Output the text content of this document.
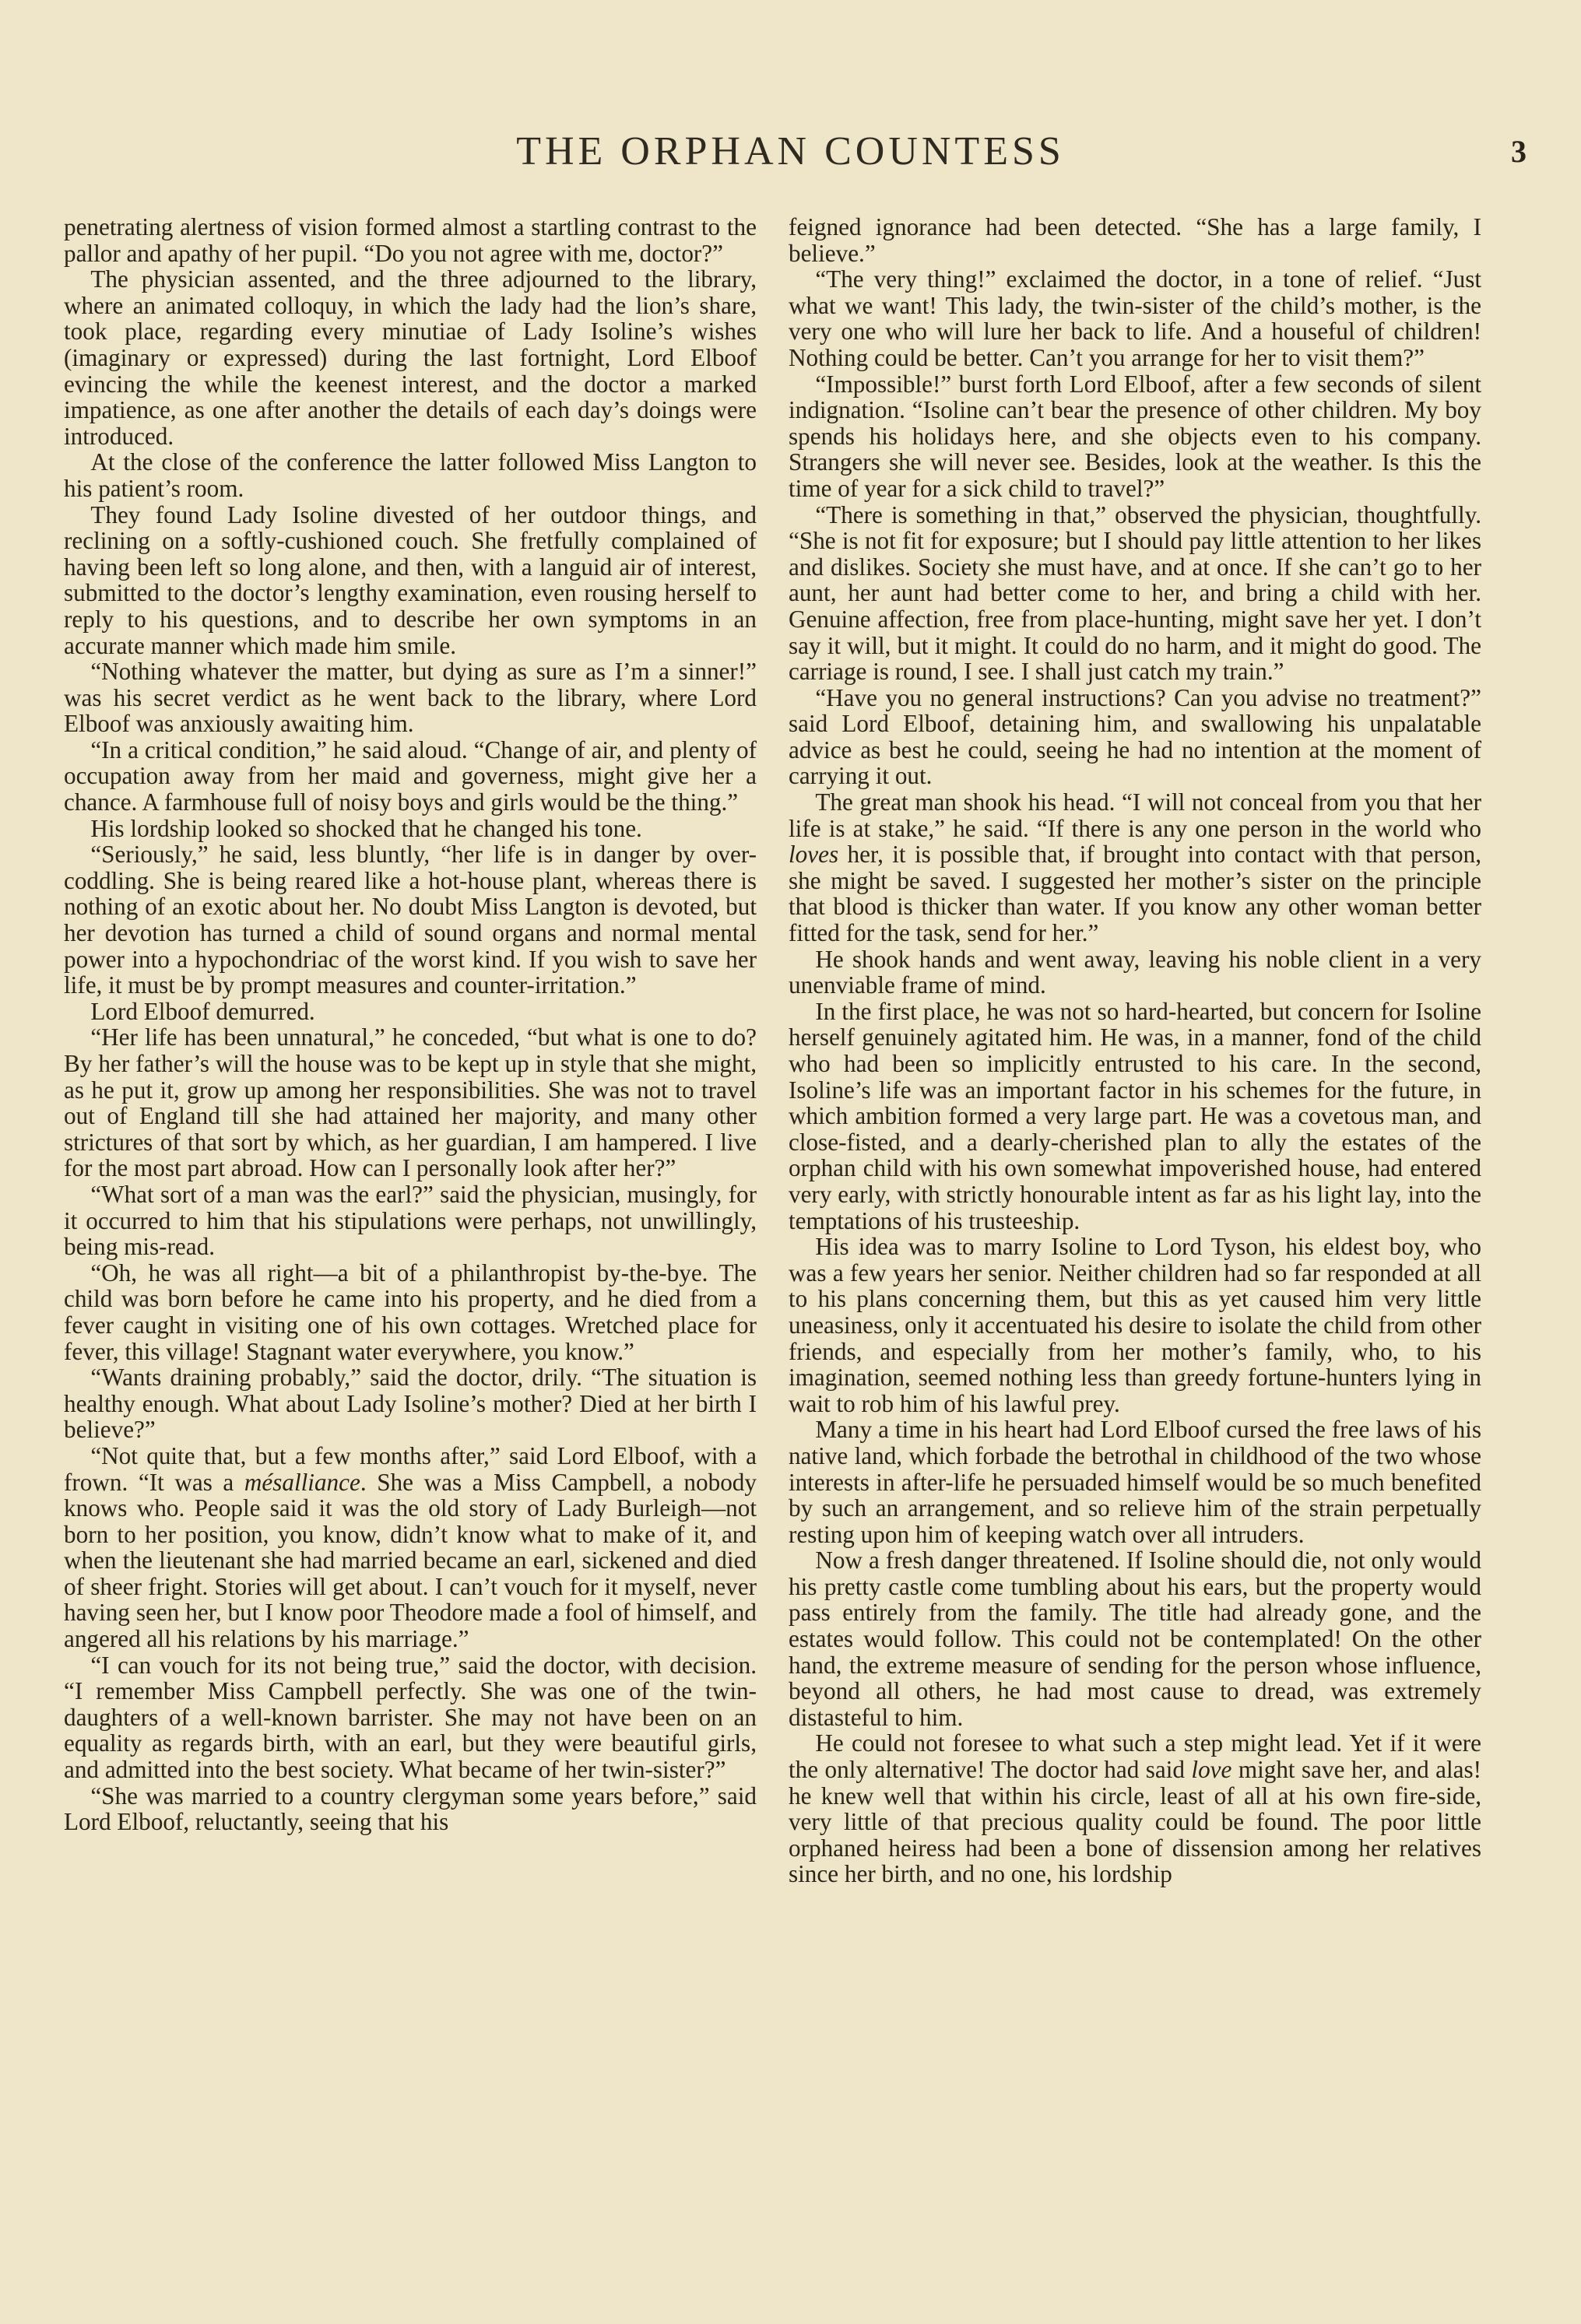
THE ORPHAN COUNTESS	3

penetrating alertness of vision formed almost a startling contrast to the pallor and apathy of her pupil. “Do you not agree with me, doctor?”

The physician assented, and the three adjourned to the library, where an animated colloquy, in which the lady had the lion’s share, took place, regarding every minutiae of Lady Isoline’s wishes (imaginary or expressed) during the last fortnight, Lord Elboof evincing the while the keenest interest, and the doctor a marked impatience, as one after another the details of each day’s doings were introduced.

At the close of the conference the latter followed Miss Langton to his patient’s room.

They found Lady Isoline divested of her outdoor things, and reclining on a softly-cushioned couch. She fretfully complained of having been left so long alone, and then, with a languid air of interest, submitted to the doctor’s lengthy examination, even rousing herself to reply to his questions, and to describe her own symptoms in an accurate manner which made him smile.

“Nothing whatever the matter, but dying as sure as I’m a sinner!” was his secret verdict as he went back to the library, where Lord Elboof was anxiously awaiting him.

“In a critical condition,” he said aloud. “Change of air, and plenty of occupation away from her maid and governess, might give her a chance. A farmhouse full of noisy boys and girls would be the thing.”

His lordship looked so shocked that he changed his tone.

“Seriously,” he said, less bluntly, “her life is in danger by over-coddling. She is being reared like a hot-house plant, whereas there is nothing of an exotic about her. No doubt Miss Langton is devoted, but her devotion has turned a child of sound organs and normal mental power into a hypochondriac of the worst kind. If you wish to save her life, it must be by prompt measures and counter-irritation.”

Lord Elboof demurred.

“Her life has been unnatural,” he conceded, “but what is one to do? By her father’s will the house was to be kept up in style that she might, as he put it, grow up among her responsibilities. She was not to travel out of England till she had attained her majority, and many other strictures of that sort by which, as her guardian, I am hampered. I live for the most part abroad. How can I personally look after her?”

“What sort of a man was the earl?” said the physician, musingly, for it occurred to him that his stipulations were perhaps, not unwillingly, being mis-read.

“Oh, he was all right—a bit of a philanthropist by-the-bye. The child was born before he came into his property, and he died from a fever caught in visiting one of his own cottages. Wretched place for fever, this village! Stagnant water everywhere, you know.”

“Wants draining probably,” said the doctor, drily. “The situation is healthy enough. What about Lady Isoline’s mother? Died at her birth I believe?”

“Not quite that, but a few months after,” said Lord Elboof, with a frown. “It was a mésalliance. She was a Miss Campbell, a nobody knows who. People said it was the old story of Lady Burleigh—not born to her position, you know, didn’t know what to make of it, and when the lieutenant she had married became an earl, sickened and died of sheer fright. Stories will get about. I can’t vouch for it myself, never having seen her, but I know poor Theodore made a fool of himself, and angered all his relations by his marriage.”

“I can vouch for its not being true,” said the doctor, with decision. “I remember Miss Campbell perfectly. She was one of the twin-daughters of a well-known barrister. She may not have been on an equality as regards birth, with an earl, but they were beautiful girls, and admitted into the best society. What became of her twin-sister?”

“She was married to a country clergyman some years before,” said Lord Elboof, reluctantly, seeing that his

feigned ignorance had been detected. “She has a large family, I believe.”

“The very thing!” exclaimed the doctor, in a tone of relief. “Just what we want! This lady, the twin-sister of the child’s mother, is the very one who will lure her back to life. And a houseful of children! Nothing could be better. Can’t you arrange for her to visit them?”

“Impossible!” burst forth Lord Elboof, after a few seconds of silent indignation. “Isoline can’t bear the presence of other children. My boy spends his holidays here, and she objects even to his company. Strangers she will never see. Besides, look at the weather. Is this the time of year for a sick child to travel?”

“There is something in that,” observed the physician, thoughtfully. “She is not fit for exposure; but I should pay little attention to her likes and dislikes. Society she must have, and at once. If she can’t go to her aunt, her aunt had better come to her, and bring a child with her. Genuine affection, free from place-hunting, might save her yet. I don’t say it will, but it might. It could do no harm, and it might do good. The carriage is round, I see. I shall just catch my train.”

“Have you no general instructions? Can you advise no treatment?” said Lord Elboof, detaining him, and swallowing his unpalatable advice as best he could, seeing he had no intention at the moment of carrying it out.

The great man shook his head. “I will not conceal from you that her life is at stake,” he said. “If there is any one person in the world who loves her, it is possible that, if brought into contact with that person, she might be saved. I suggested her mother’s sister on the principle that blood is thicker than water. If you know any other woman better fitted for the task, send for her.”

He shook hands and went away, leaving his noble client in a very unenviable frame of mind.

In the first place, he was not so hard-hearted, but concern for Isoline herself genuinely agitated him. He was, in a manner, fond of the child who had been so implicitly entrusted to his care. In the second, Isoline’s life was an important factor in his schemes for the future, in which ambition formed a very large part. He was a covetous man, and close-fisted, and a dearly-cherished plan to ally the estates of the orphan child with his own somewhat impoverished house, had entered very early, with strictly honourable intent as far as his light lay, into the temptations of his trusteeship.

His idea was to marry Isoline to Lord Tyson, his eldest boy, who was a few years her senior. Neither children had so far responded at all to his plans concerning them, but this as yet caused him very little uneasiness, only it accentuated his desire to isolate the child from other friends, and especially from her mother’s family, who, to his imagination, seemed nothing less than greedy fortune-hunters lying in wait to rob him of his lawful prey.

Many a time in his heart had Lord Elboof cursed the free laws of his native land, which forbade the betrothal in childhood of the two whose interests in after-life he persuaded himself would be so much benefited by such an arrangement, and so relieve him of the strain perpetually resting upon him of keeping watch over all intruders.

Now a fresh danger threatened. If Isoline should die, not only would his pretty castle come tumbling about his ears, but the property would pass entirely from the family. The title had already gone, and the estates would follow. This could not be contemplated! On the other hand, the extreme measure of sending for the person whose influence, beyond all others, he had most cause to dread, was extremely distasteful to him.

He could not foresee to what such a step might lead. Yet if it were the only alternative! The doctor had said love might save her, and alas! he knew well that within his circle, least of all at his own fire-side, very little of that precious quality could be found. The poor little orphaned heiress had been a bone of dissension among her relatives since her birth, and no one, his lordship
